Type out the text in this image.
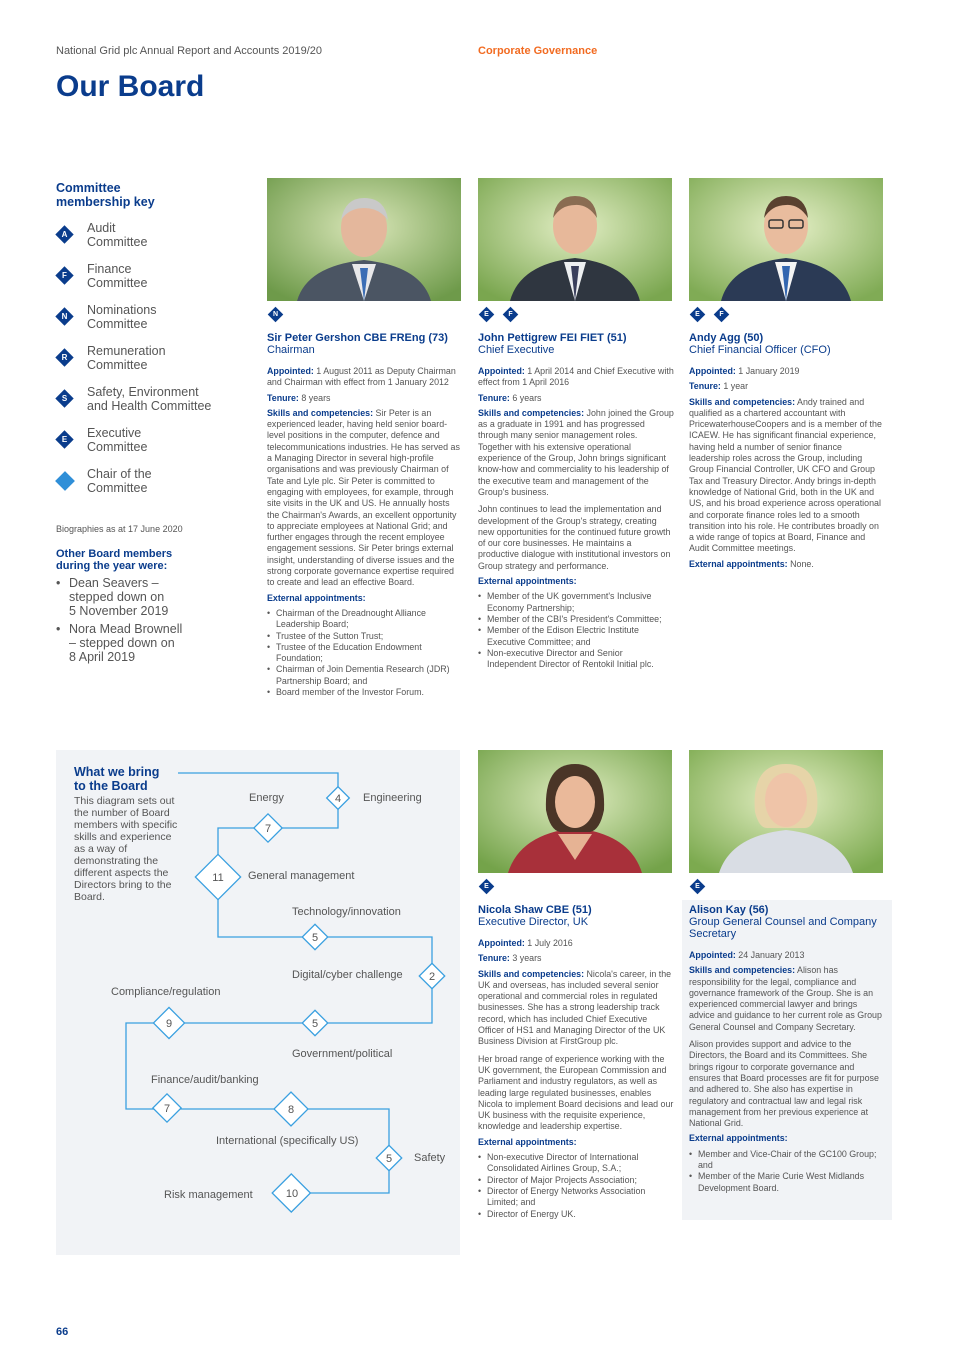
National Grid plc Annual Report and Accounts 2019/20	Corporate Governance
Our Board
Committee
membership key
A	Audit
Committee
F	Finance
Committee
N	Nominations
Committee
R	Remuneration
Committee
S	Safety, Environment
and Health Committee
E	Executive
Committee
Chair of the
Committee
Biographies as at 17 June 2020
Other Board members
during the year were:
• Dean Seavers –
stepped down on
5 November 2019
• Nora Mead Brownell
– stepped down on
8 April 2019
N	E	F	E	F
E	E
Sir Peter Gershon CBE FREng (73)
Chairman

Appointed: 1 August 2011 as Deputy Chairman and Chairman with effect from 1 January 2012

Tenure: 8 years

Skills and competencies: Sir Peter is an experienced leader, having held senior board-level positions in the computer, defence and telecommunications industries. He has served as a Managing Director in several high-profile organisations and was previously Chairman of Tate and Lyle plc. Sir Peter is committed to engaging with employees, for example, through site visits in the UK and US. He annually hosts the Chairman's Awards, an excellent opportunity to appreciate employees at National Grid; and further engages through the recent employee engagement sessions. Sir Peter brings external insight, understanding of diverse issues and the strong corporate governance expertise required to create and lead an effective Board.

External appointments:

• Chairman of the Dreadnought Alliance Leadership Board;
• Trustee of the Sutton Trust;
• Trustee of the Education Endowment Foundation;
• Chairman of Join Dementia Research (JDR) Partnership Board; and
• Board member of the Investor Forum.
John Pettigrew FEI FIET (51)
Chief Executive

Appointed: 1 April 2014 and Chief Executive with effect from 1 April 2016

Tenure: 6 years

Skills and competencies: John joined the Group as a graduate in 1991 and has progressed through many senior management roles. Together with his extensive operational experience of the Group, John brings significant know-how and commerciality to his leadership of the executive team and management of the Group's business.

John continues to lead the implementation and development of the Group's strategy, creating new opportunities for the continued future growth of our core businesses. He maintains a productive dialogue with institutional investors on Group strategy and performance.

External appointments:

• Member of the UK government's Inclusive Economy Partnership;
• Member of the CBI's President's Committee;
• Member of the Edison Electric Institute Executive Committee; and
• Non-executive Director and Senior Independent Director of Rentokil Initial plc.
Andy Agg (50)
Chief Financial Officer (CFO)

Appointed: 1 January 2019

Tenure: 1 year

Skills and competencies: Andy trained and qualified as a chartered accountant with PricewaterhouseCoopers and is a member of the ICAEW. He has significant financial experience, having held a number of senior finance leadership roles across the Group, including Group Financial Controller, UK CFO and Group Tax and Treasury Director. Andy brings in-depth knowledge of National Grid, both in the UK and US, and his broad experience across operational and corporate finance roles led to a smooth transition into his role. He contributes broadly on a wide range of topics at Board, Finance and Audit Committee meetings.

External appointments: None.

Nicola Shaw CBE (51)
Executive Director, UK

Appointed: 1 July 2016

Tenure: 3 years

Skills and competencies: Nicola's career, in the UK and overseas, has included several senior operational and commercial roles in regulated businesses. She has a strong leadership track record, which has included Chief Executive Officer of HS1 and Managing Director of the UK Business Division at FirstGroup plc.

Her broad range of experience working with the UK government, the European Commission and Parliament and industry regulators, as well as leading large regulated businesses, enables Nicola to implement Board decisions and lead our UK business with the requisite experience, knowledge and leadership expertise.

External appointments:

• Non-executive Director of International Consolidated Airlines Group, S.A.;
• Director of Major Projects Association;
• Director of Energy Networks Association Limited; and
• Director of Energy UK.
Alison Kay (56)
Group General Counsel and Company Secretary

Appointed: 24 January 2013

Skills and competencies: Alison has responsibility for the legal, compliance and governance framework of the Group. She is an experienced commercial lawyer and brings advice and guidance to her current role as Group General Counsel and Company Secretary.

Alison provides support and advice to the Directors, the Board and its Committees. She brings rigour to corporate governance and ensures that Board processes are fit for purpose and adhered to. She also has expertise in regulatory and contractual law and legal risk management from her previous experience at National Grid.

External appointments:

• Member and Vice-Chair of the GC100 Group; and
• Member of the Marie Curie West Midlands Development Board.
What we bring
to the Board
This diagram sets out the number of Board members with specific skills and experience as a way of demonstrating the different aspects the Directors bring to the Board.
4
7
11
5
2
9	5
7	8
5
10
Energy	Engineering
General management
Technology/innovation
Digital/cyber challenge
Compliance/regulation
Government/political
Finance/audit/banking
International (specifically US)
Safety
Risk management
66
